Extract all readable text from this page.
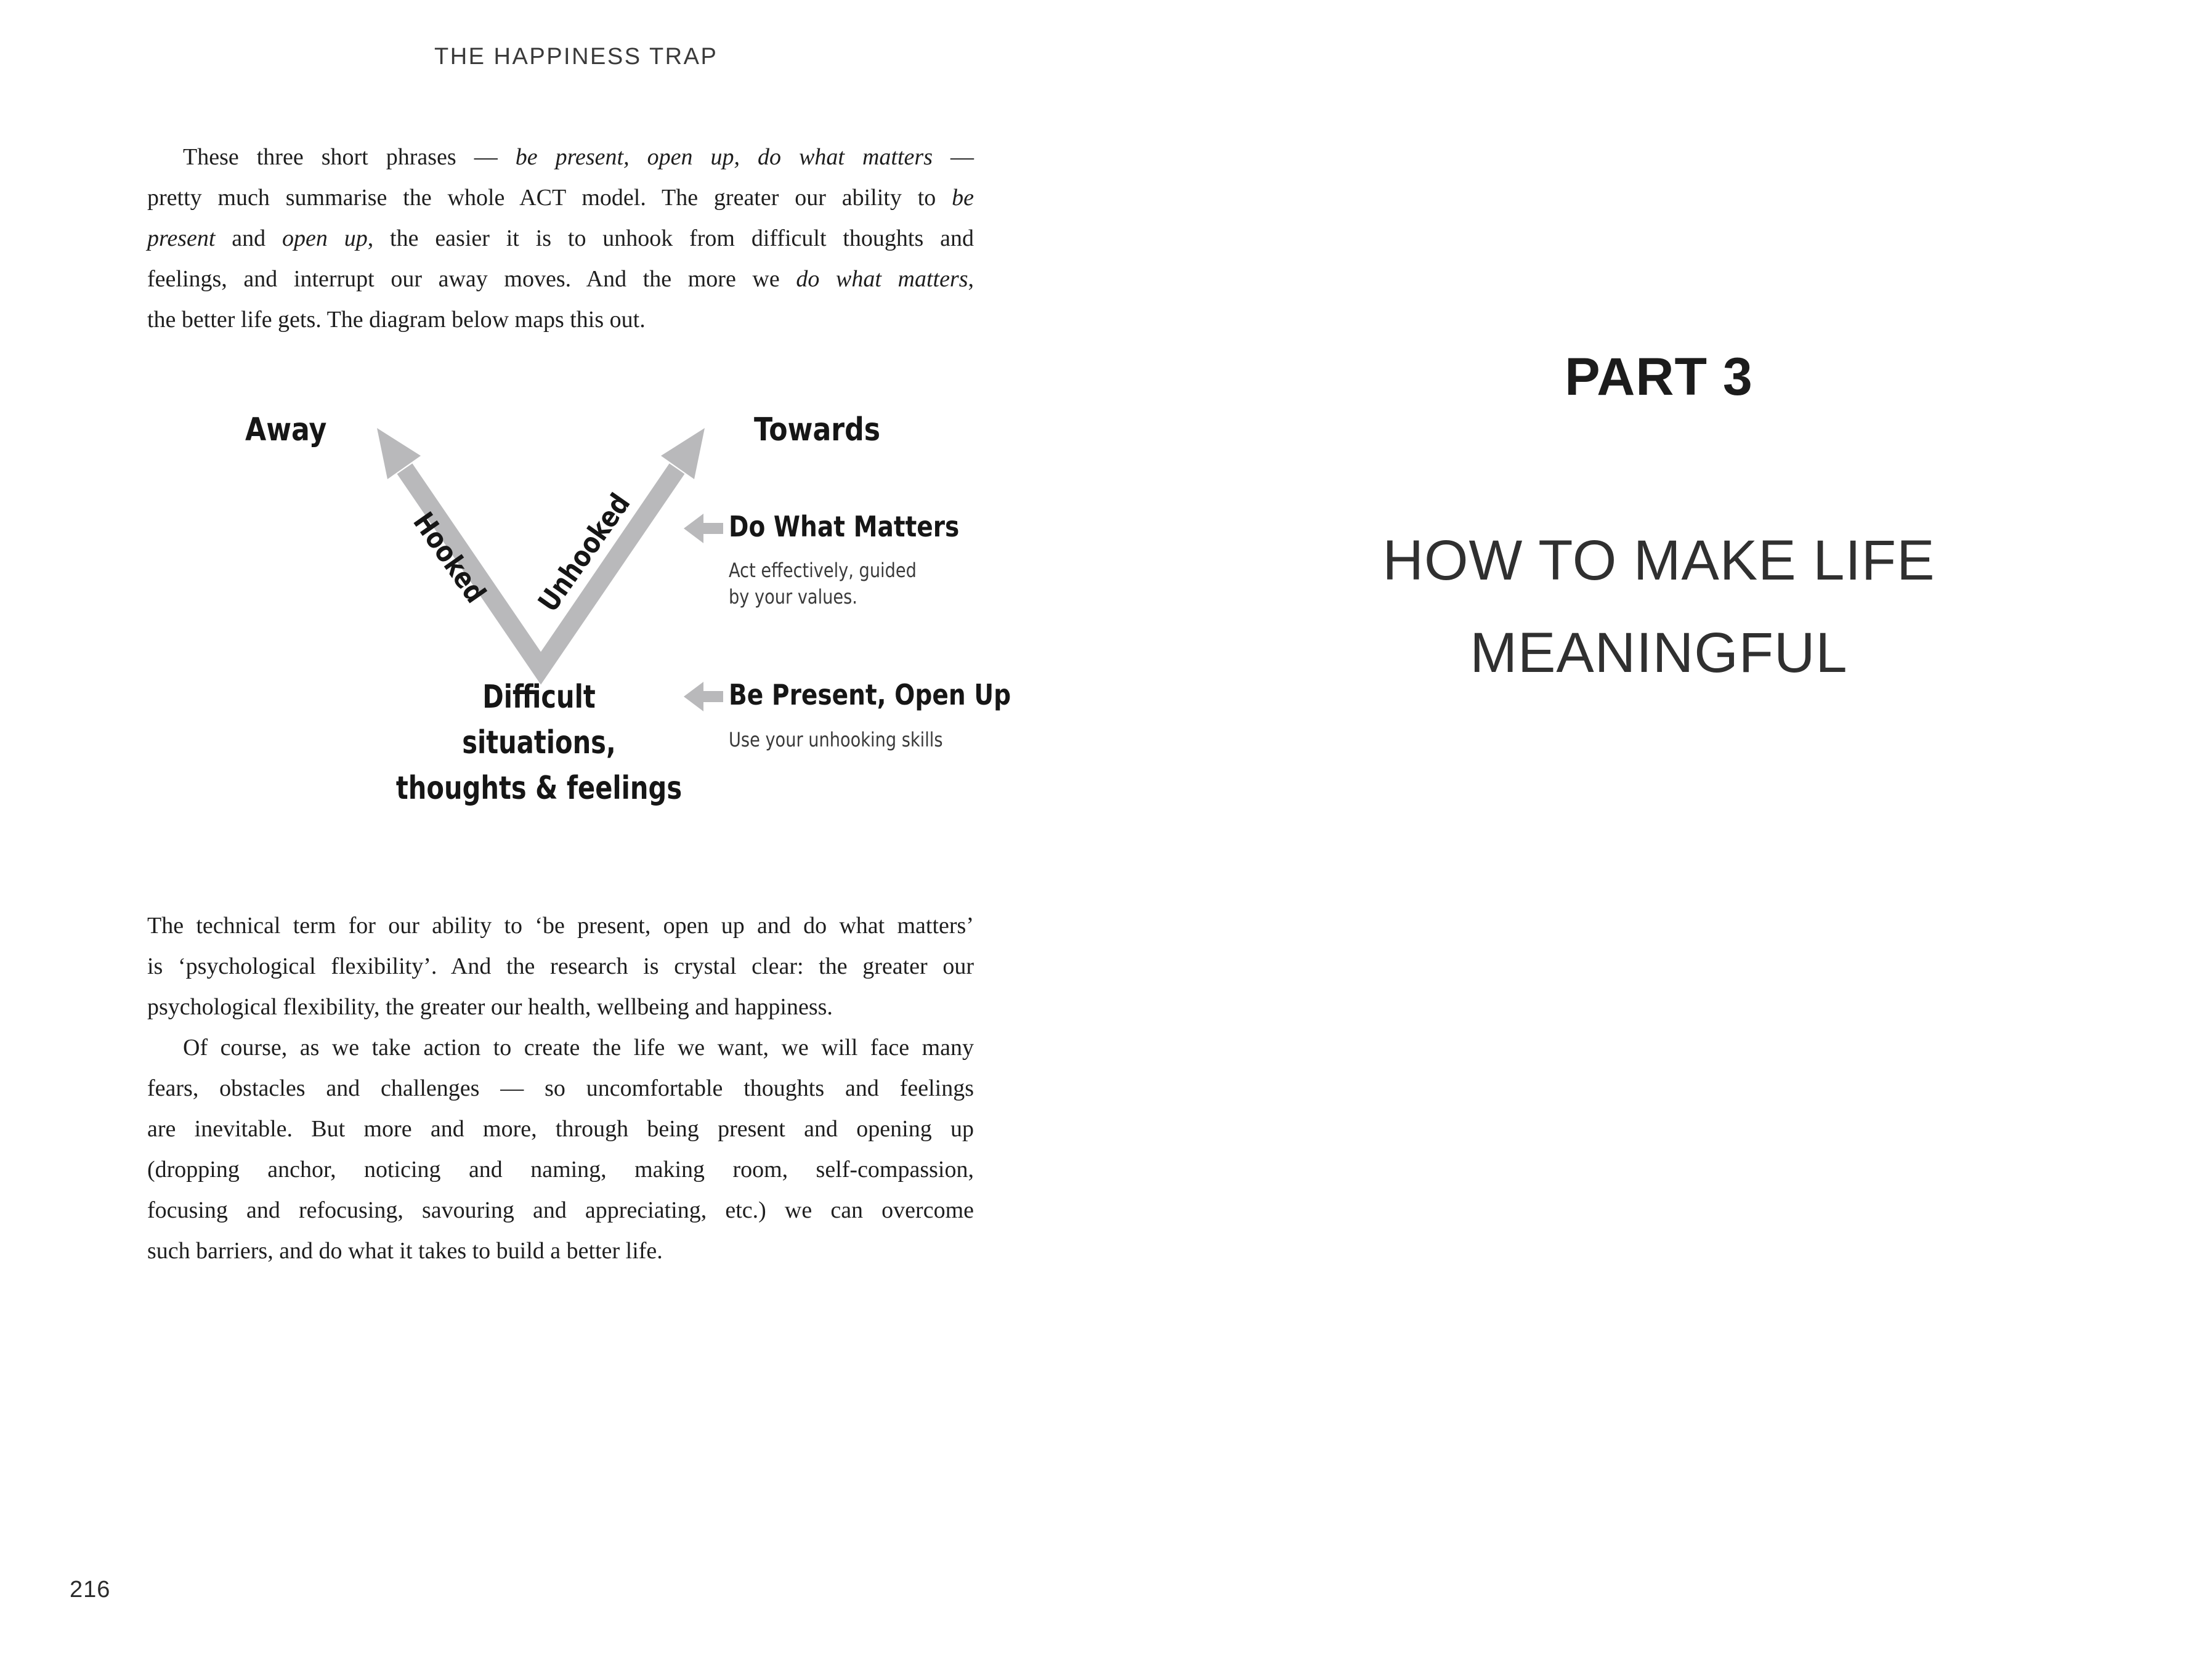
THE HAPPINESS TRAP
These three short phrases — be present, open up, do what matters —
pretty much summarise the whole ACT model. The greater our ability to be
present and open up, the easier it is to unhook from difficult thoughts and
feelings, and interrupt our away moves. And the more we do what matters,
the better life gets. The diagram below maps this out.
Away	Towards
Hooked Unhooked
Difficult
situations,
thoughts & feelings
Do What Matters
Act effectively, guided
by your values.
Be Present, Open Up
Use your unhooking skills
The technical term for our ability to ‘be present, open up and do what matters’
is ‘psychological flexibility’. And the research is crystal clear: the greater our
psychological flexibility, the greater our health, wellbeing and happiness.
Of course, as we take action to create the life we want, we will face many
fears, obstacles and challenges — so uncomfortable thoughts and feelings
are inevitable. But more and more, through being present and opening up
(dropping anchor, noticing and naming, making room, self-compassion,
focusing and refocusing, savouring and appreciating, etc.) we can overcome
such barriers, and do what it takes to build a better life.
216
PART 3
HOW TO MAKE LIFE
MEANINGFUL
